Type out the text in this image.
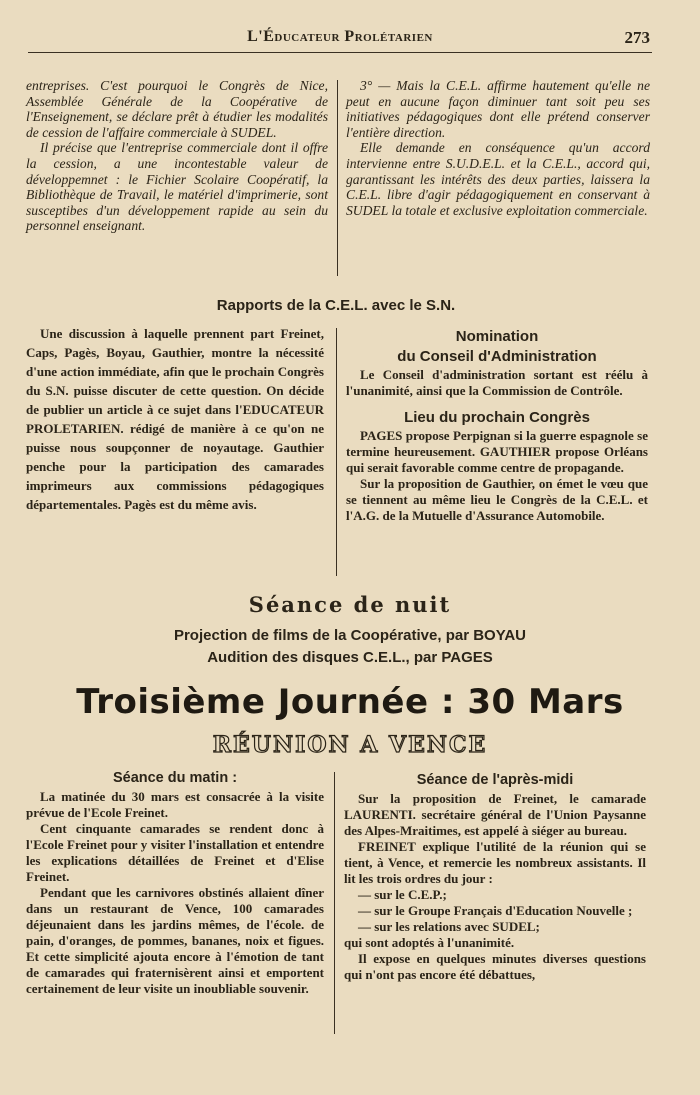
L'Éducateur Prolétarien	273

entreprises. C'est pourquoi le Congrès de Nice, Assemblée Générale de la Coopérative de l'Enseignement, se déclare prêt à étudier les modalités de cession de l'affaire commerciale à SUDEL.

Il précise que l'entreprise commerciale dont il offre la cession, a une incontestable valeur de développemnet : le Fichier Scolaire Coopératif, la Bibliothèque de Travail, le matériel d'imprimerie, sont susceptibes d'un développement rapide au sein du personnel enseignant.

3° — Mais la C.E.L. affirme hautement qu'elle ne peut en aucune façon diminuer tant soit peu ses initiatives pédagogiques dont elle prétend conserver l'entière direction.

Elle demande en conséquence qu'un accord intervienne entre S.U.D.E.L. et la C.E.L., accord qui, garantissant les intérêts des deux parties, laissera la C.E.L. libre d'agir pédagogiquement en conservant à SUDEL la totale et exclusive exploitation commerciale.

Rapports de la C.E.L. avec le S.N.

Une discussion à laquelle prennent part Freinet, Caps, Pagès, Boyau, Gauthier, montre la nécessité d'une action immédiate, afin que le prochain Congrès du S.N. puisse discuter de cette question. On décide de publier un article à ce sujet dans l'EDUCATEUR PROLETARIEN. rédigé de manière à ce qu'on ne puisse nous soupçonner de noyautage. Gauthier penche pour la participation des camarades imprimeurs aux commissions pédagogiques départementales. Pagès est du même avis.

Nomination

du Conseil d'Administration

Le Conseil d'administration sortant est réélu à l'unanimité, ainsi que la Commission de Contrôle.

Lieu du prochain Congrès

PAGES propose Perpignan si la guerre espagnole se termine heureusement. GAUTHIER propose Orléans qui serait favorable comme centre de propagande.

Sur la proposition de Gauthier, on émet le vœu que se tiennent au même lieu le Congrès de la C.E.L. et l'A.G. de la Mutuelle d'Assurance Automobile.

Séance de nuit
Projection de films de la Coopérative, par BOYAU
Audition des disques C.E.L., par PAGES
Troisième Journée : 30 Mars
RÉUNION A VENCE

Séance du matin :

La matinée du 30 mars est consacrée à la visite prévue de l'Ecole Freinet.

Cent cinquante camarades se rendent donc à l'Ecole Freinet pour y visiter l'installation et entendre les explications détaillées de Freinet et d'Elise Freinet.

Pendant que les carnivores obstinés allaient dîner dans un restaurant de Vence, 100 camarades déjeunaient dans les jardins mêmes, de l'école. de pain, d'oranges, de pommes, bananes, noix et figues. Et cette simplicité ajouta encore à l'émotion de tant de camarades qui fraternisèrent ainsi et emportent certainement de leur visite un inoubliable souvenir.

Séance de l'après-midi

Sur la proposition de Freinet, le camarade LAURENTI. secrétaire général de l'Union Paysanne des Alpes-Mraitimes, est appelé à siéger au bureau.

FREINET explique l'utilité de la réunion qui se tient, à Vence, et remercie les nombreux assistants. Il lit les trois ordres du jour :

— sur le C.E.P.;

— sur le Groupe Français d'Education Nouvelle ;

— sur les relations avec SUDEL;

qui sont adoptés à l'unanimité.

Il expose en quelques minutes diverses questions qui n'ont pas encore été débattues,
